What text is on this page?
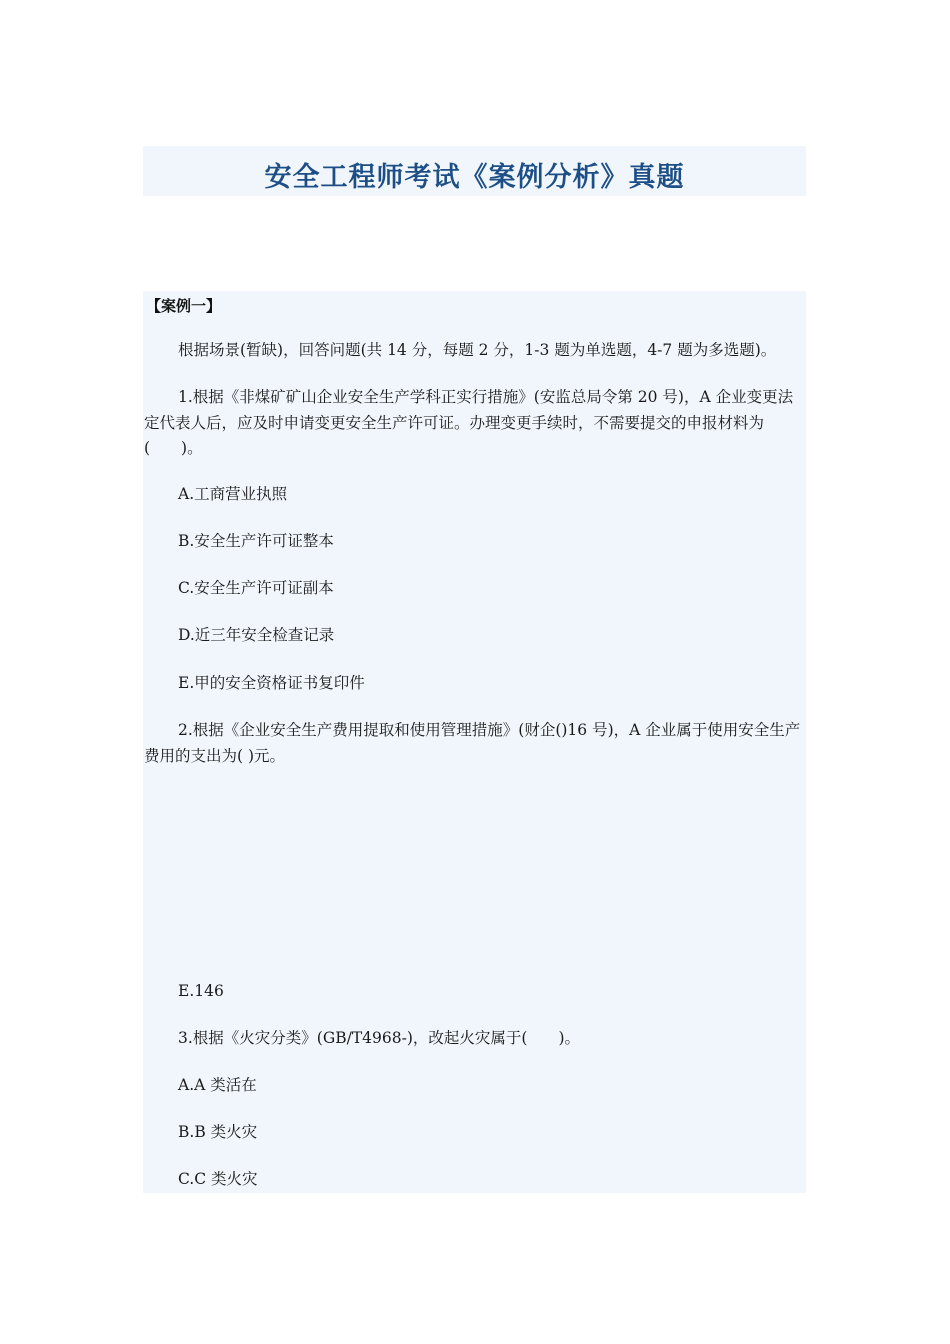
安全工程师考试《案例分析》真题
【案例一】
根据场景(暂缺)，回答问题(共 14 分，每题 2 分，1-3 题为单选题，4-7 题为多选题)。
1.根据《非煤矿矿山企业安全生产学科正实行措施》(安监总局令第 20 号)，A 企业变更法定代表人后，应及时申请变更安全生产许可证。办理变更手续时，不需要提交的申报材料为(　　)。
A.工商营业执照
B.安全生产许可证整本
C.安全生产许可证副本
D.近三年安全检查记录
E.甲的安全资格证书复印件
2.根据《企业安全生产费用提取和使用管理措施》(财企()16 号)，A 企业属于使用安全生产费用的支出为( )元。
E.146
3.根据《火灾分类》(GB/T4968-)，改起火灾属于(　　)。
A.A 类活在
B.B 类火灾
C.C 类火灾
